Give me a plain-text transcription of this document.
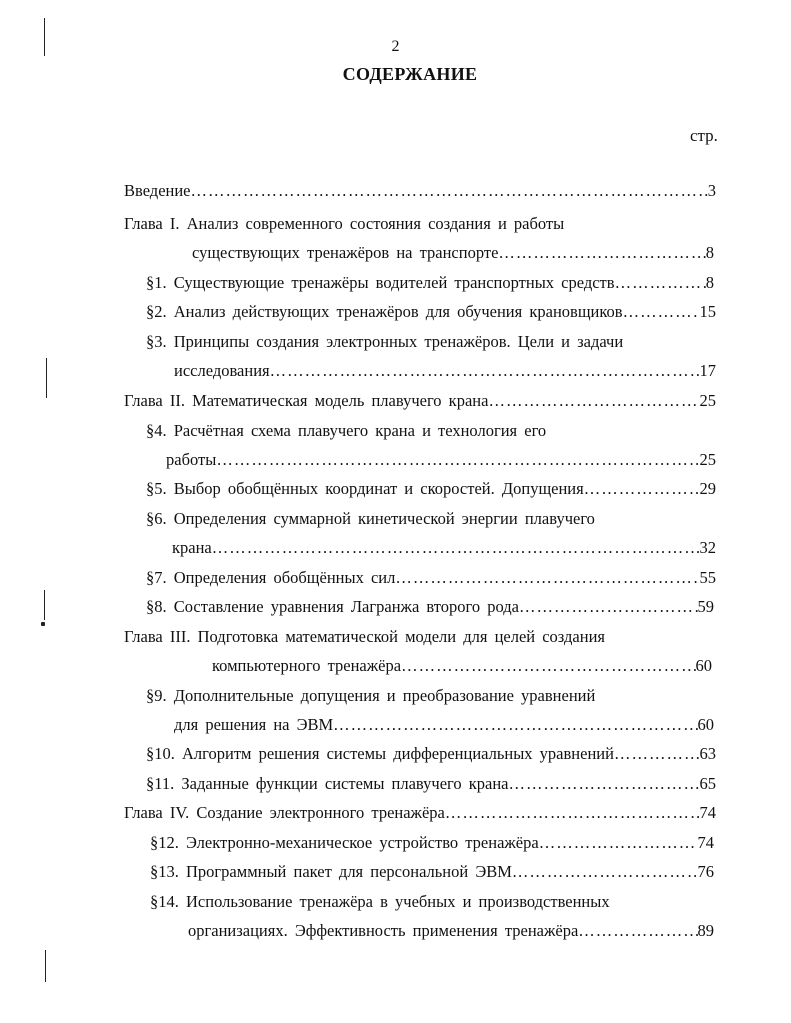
2
СОДЕРЖАНИЕ
стр.
Введение …………………………………………………………………………………………………………………………………………	3
Глава I. Анализ современного состояния создания и работы
существующих тренажёров на транспорте …………………………………………………………………………………………………………………………………………	8
§1. Существующие тренажёры водителей транспортных средств …………………………………………………………………………………………………………………………………………	8
§2. Анализ действующих тренажёров для обучения крановщиков …………………………………………………………………………………………………………………………………………	15
§3. Принципы создания электронных тренажёров. Цели и задачи
исследования …………………………………………………………………………………………………………………………………………	17
Глава II. Математическая модель плавучего крана …………………………………………………………………………………………………………………………………………	25
§4. Расчётная схема плавучего крана и технология его
работы …………………………………………………………………………………………………………………………………………	25
§5. Выбор обобщённых координат и скоростей. Допущения …………………………………………………………………………………………………………………………………………	29
§6. Определения суммарной кинетической энергии плавучего
крана …………………………………………………………………………………………………………………………………………	32
§7. Определения обобщённых сил …………………………………………………………………………………………………………………………………………	55
§8. Составление уравнения Лагранжа второго рода …………………………………………………………………………………………………………………………………………	59
Глава III. Подготовка математической модели для целей создания
компьютерного тренажёра …………………………………………………………………………………………………………………………………………	60
§9. Дополнительные допущения и преобразование уравнений
для решения на ЭВМ …………………………………………………………………………………………………………………………………………	60
§10. Алгоритм решения системы дифференциальных уравнений …………………………………………………………………………………………………………………………………………	63
§11. Заданные функции системы плавучего крана …………………………………………………………………………………………………………………………………………	65
Глава IV. Создание электронного тренажёра …………………………………………………………………………………………………………………………………………	74
§12. Электронно-механическое устройство тренажёра …………………………………………………………………………………………………………………………………………	74
§13. Программный пакет для персональной ЭВМ …………………………………………………………………………………………………………………………………………	76
§14. Использование тренажёра в учебных и производственных
организациях. Эффективность применения тренажёра …………………………………………………………………………………………………………………………………………	89
